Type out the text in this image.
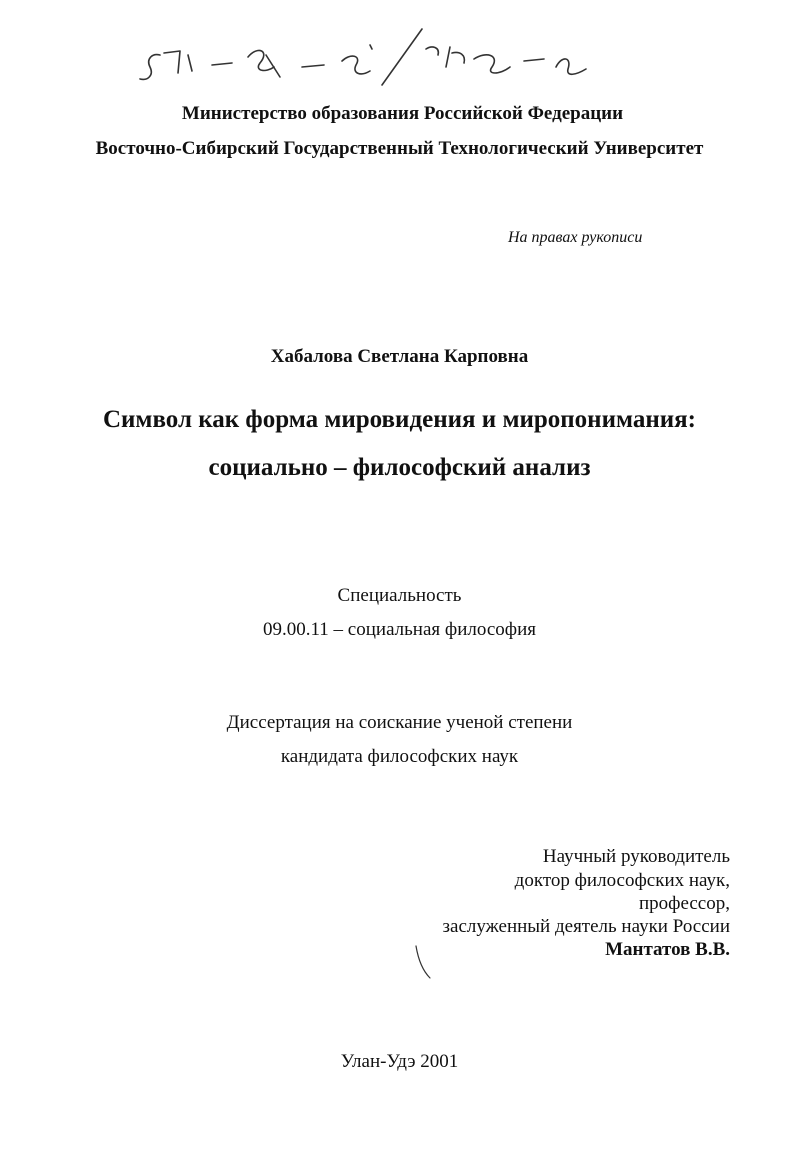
Министерство образования Российской Федерации
Восточно-Сибирский Государственный Технологический Университет
На правах рукописи
Хабалова Светлана Карповна
Символ как форма мировидения и миропонимания:
социально – философский анализ
Специальность
09.00.11 – социальная философия
Диссертация на соискание ученой степени
кандидата философских наук
Научный руководитель
доктор философских наук,
профессор,
заслуженный деятель науки России
Мантатов В.В.
Улан-Удэ 2001
